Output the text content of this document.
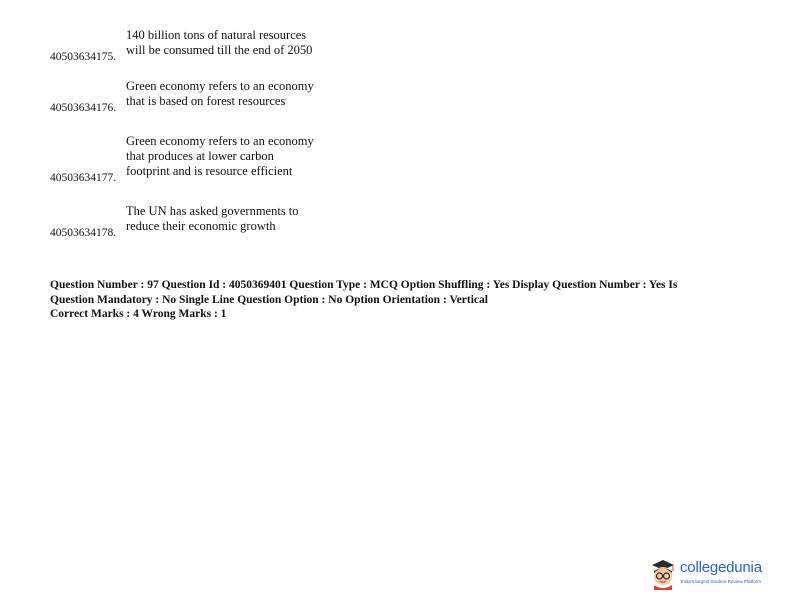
40503634175.
140 billion tons of natural resources
will be consumed till the end of 2050
40503634176.
Green economy refers to an economy
that is based on forest resources
40503634177.
Green economy refers to an economy
that produces at lower carbon
footprint and is resource efficient
40503634178.
The UN has asked governments to
reduce their economic growth
Question Number : 97 Question Id : 4050369401 Question Type : MCQ Option Shuffling : Yes Display Question Number : Yes Is
Question Mandatory : No Single Line Question Option : No Option Orientation : Vertical
Correct Marks : 4 Wrong Marks : 1
collegedunia
India's largest Student Review Platform
